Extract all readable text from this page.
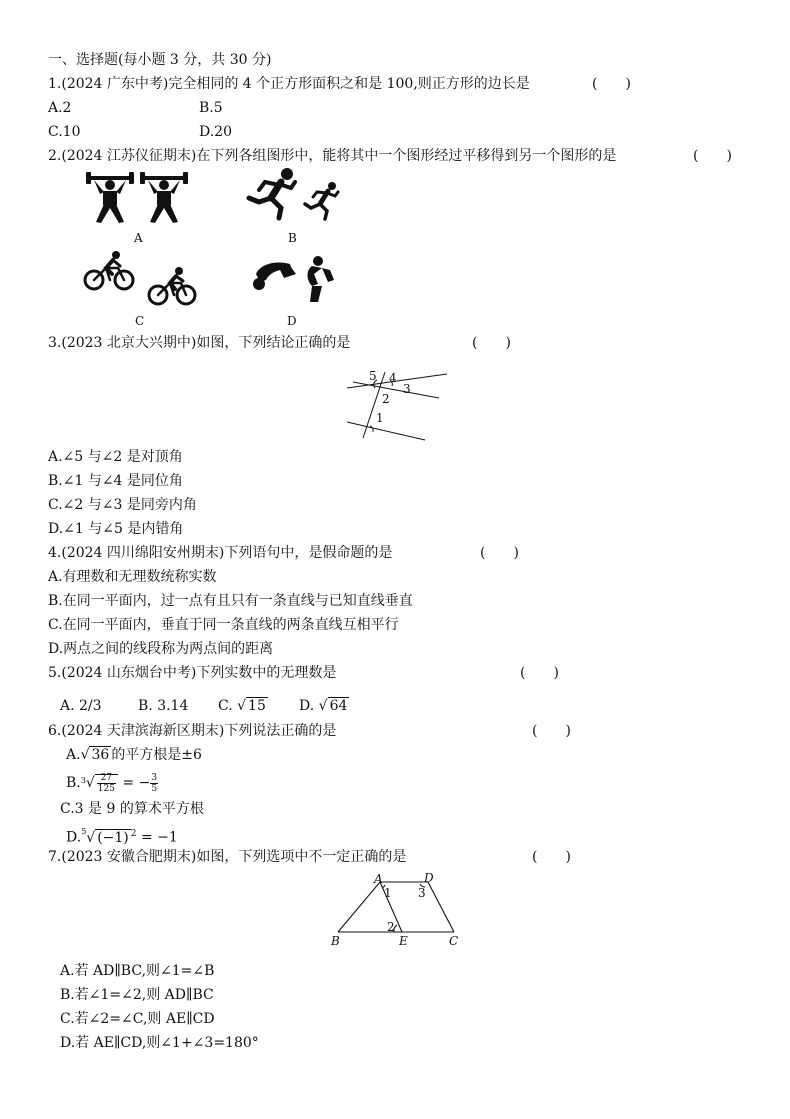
一、选择题(每小题 3 分，共 30 分)
1.(2024 广东中考)完全相同的 4 个正方形面积之和是 100,则正方形的边长是	(　　)
A.2	B.5
C.10	D.20
2.(2024 江苏仪征期末)在下列各组图形中，能将其中一个图形经过平移得到另一个图形的是	(　　)
A	B
C	D
3.(2023 北京大兴期中)如图，下列结论正确的是	(　　)
5 4
3
2
1
A.∠5 与∠2 是对顶角
B.∠1 与∠4 是同位角
C.∠2 与∠3 是同旁内角
D.∠1 与∠5 是内错角
4.(2024 四川绵阳安州期末)下列语句中，是假命题的是	(　　)
A.有理数和无理数统称实数
B.在同一平面内，过一点有且只有一条直线与已知直线垂直
C.在同一平面内，垂直于同一条直线的两条直线互相平行
D.两点之间的线段称为两点间的距离
5.(2024 山东烟台中考)下列实数中的无理数是	(　　)
A. 2/3	B. 3.14 C. √ 15 D. √ 64
6.(2024 天津滨海新区期末)下列说法正确的是	(　　)
A.√ 36 的平方根是±6
$B.^3√ \frac{27}{125}$ = − $\frac{3}{5}$
C.3 是 9 的算术平方根
D.$^5$√ (−1) $^2$ = −1
7.(2023 安徽合肥期末)如图，下列选项中不一定正确的是	(　　)
A	D
1 3
2
B	E	C
A.若 AD∥BC,则∠1=∠B
B.若∠1=∠2,则 AD∥BC
C.若∠2=∠C,则 AE∥CD
D.若 AE∥CD,则∠1+∠3=180°
